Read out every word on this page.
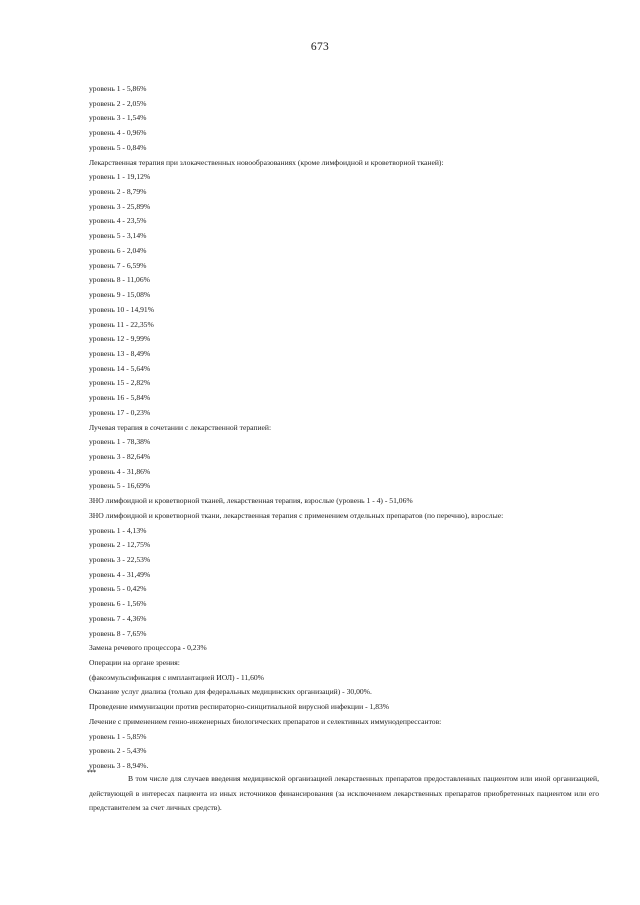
673
уровень 1 - 5,86%
уровень 2 - 2,05%
уровень 3 - 1,54%
уровень 4 - 0,96%
уровень 5 - 0,84%
Лекарственная терапия при злокачественных новообразованиях (кроме лимфоидной и кроветворной тканей):
уровень 1 - 19,12%
уровень 2 - 8,79%
уровень 3 - 25,89%
уровень 4 - 23,5%
уровень 5 - 3,14%
уровень 6 - 2,04%
уровень 7 - 6,59%
уровень 8 - 11,06%
уровень 9 - 15,08%
уровень 10 - 14,91%
уровень 11 - 22,35%
уровень 12 - 9,99%
уровень 13 - 8,49%
уровень 14 - 5,64%
уровень 15 - 2,82%
уровень 16 - 5,84%
уровень 17 - 0,23%
Лучевая терапия в сочетании с лекарственной терапией:
уровень 1 - 78,38%
уровень 3 - 82,64%
уровень 4 - 31,86%
уровень 5 - 16,69%
ЗНО лимфоидной и кроветворной тканей, лекарственная терапия, взрослые (уровень 1 - 4) - 51,06%
ЗНО лимфоидной и кроветворной ткани, лекарственная терапия с применением отдельных препаратов (по перечню), взрослые:
уровень 1 - 4,13%
уровень 2 - 12,75%
уровень 3 - 22,53%
уровень 4 - 31,49%
уровень 5 - 0,42%
уровень 6 - 1,56%
уровень 7 - 4,36%
уровень 8 - 7,65%
Замена речевого процессора - 0,23%
Операции на органе зрения:
(факоэмульсификация с имплантацией ИОЛ) - 11,60%
Оказание услуг диализа (только для федеральных медицинских организаций) - 30,00%.
Проведение иммунизации против респираторно-синцитиальной вирусной инфекции - 1,83%
Лечение с применением генно-инженерных биологических препаратов и селективных иммунодепрессантов:
уровень 1 - 5,85%
уровень 2 - 5,43%
уровень 3 - 8,94%.
***
В том числе для случаев введения медицинской организацией лекарственных препаратов предоставленных пациентом или иной организацией, действующей в интересах пациента из иных источников финансирования (за исключением лекарственных препаратов приобретенных пациентом или его представителем за счет личных средств).
